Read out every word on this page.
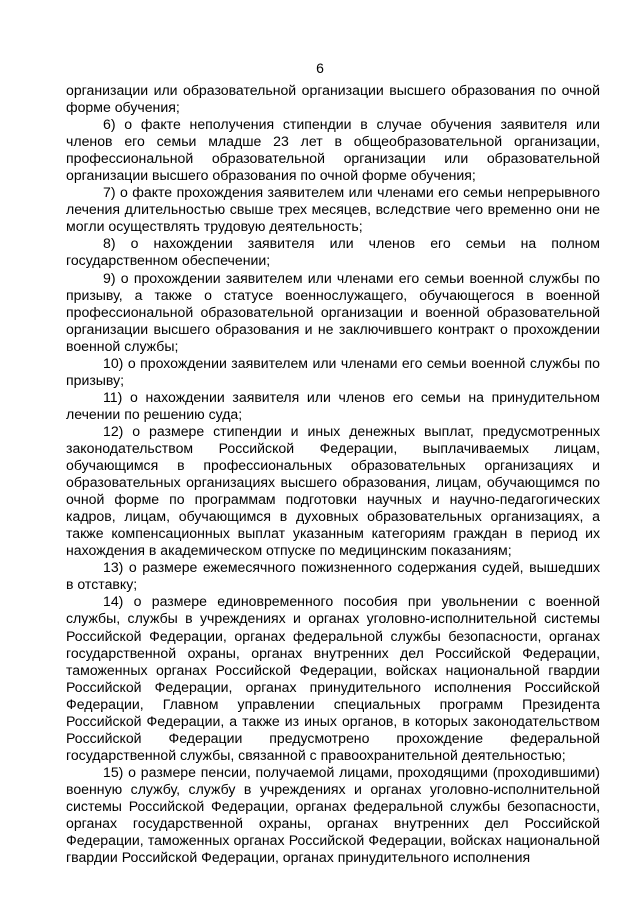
6

организации или образовательной организации высшего образования по очной форме обучения;

6) о факте неполучения стипендии в случае обучения заявителя или членов его семьи младше 23 лет в общеобразовательной организации, профессиональной образовательной организации или образовательной организации высшего образования по очной форме обучения;

7) о факте прохождения заявителем или членами его семьи непрерывного лечения длительностью свыше трех месяцев, вследствие чего временно они не могли осуществлять трудовую деятельность;

8) о нахождении заявителя или членов его семьи на полном государственном обеспечении;

9) о прохождении заявителем или членами его семьи военной службы по призыву, а также о статусе военнослужащего, обучающегося в военной профессиональной образовательной организации и военной образовательной организации высшего образования и не заключившего контракт о прохождении военной службы;

10) о прохождении заявителем или членами его семьи военной службы по призыву;

11) о нахождении заявителя или членов его семьи на принудительном лечении по решению суда;

12) о размере стипендии и иных денежных выплат, предусмотренных законодательством Российской Федерации, выплачиваемых лицам, обучающимся в профессиональных образовательных организациях и образовательных организациях высшего образования, лицам, обучающимся по очной форме по программам подготовки научных и научно-педагогических кадров, лицам, обучающимся в духовных образовательных организациях, а также компенсационных выплат указанным категориям граждан в период их нахождения в академическом отпуске по медицинским показаниям;

13) о размере ежемесячного пожизненного содержания судей, вышедших в отставку;

14) о размере единовременного пособия при увольнении с военной службы, службы в учреждениях и органах уголовно-исполнительной системы Российской Федерации, органах федеральной службы безопасности, органах государственной охраны, органах внутренних дел Российской Федерации, таможенных органах Российской Федерации, войсках национальной гвардии Российской Федерации, органах принудительного исполнения Российской Федерации, Главном управлении специальных программ Президента Российской Федерации, а также из иных органов, в которых законодательством Российской Федерации предусмотрено прохождение федеральной государственной службы, связанной с правоохранительной деятельностью;

15) о размере пенсии, получаемой лицами, проходящими (проходившими) военную службу, службу в учреждениях и органах уголовно-исполнительной системы Российской Федерации, органах федеральной службы безопасности, органах государственной охраны, органах внутренних дел Российской Федерации, таможенных органах Российской Федерации, войсках национальной гвардии Российской Федерации, органах принудительного исполнения
